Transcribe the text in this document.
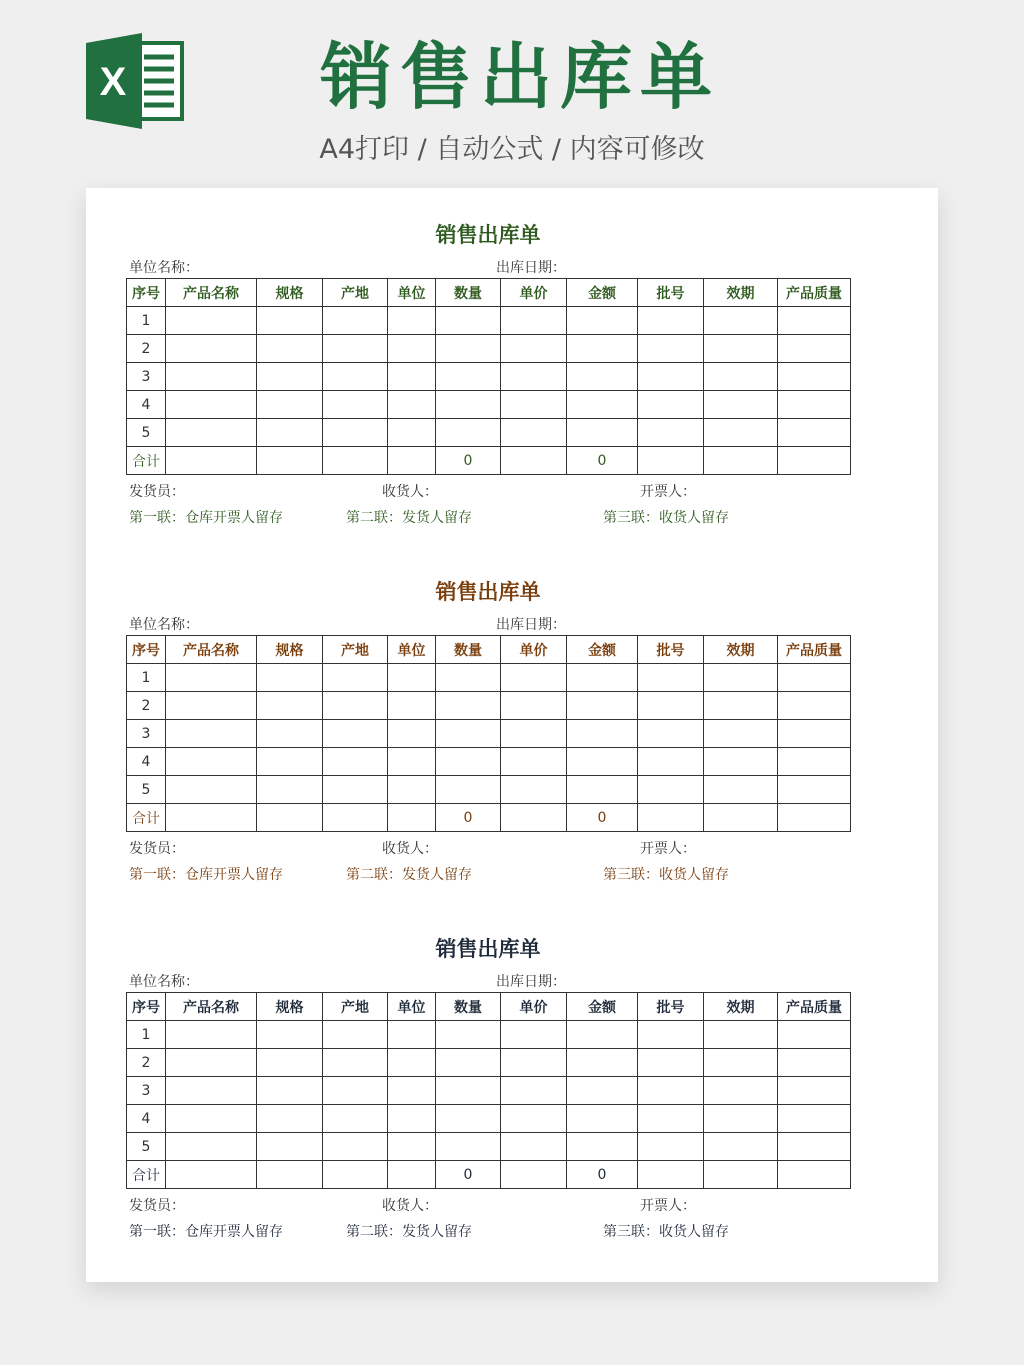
X	销售出库单
A4打印 / 自动公式 / 内容可修改
销售出库单
单位名称：	出库日期：
序号	产品名称	规格	产地	单位	数量	单价	金额	批号	效期	产品质量
1										
2										
3										
4										
5										
合计					0		0			
发货员：	收货人：	开票人：
第一联：仓库开票人留存	第二联：发货人留存	第三联：收货人留存
销售出库单
单位名称：	出库日期：
序号	产品名称	规格	产地	单位	数量	单价	金额	批号	效期	产品质量
1										
2										
3										
4										
5										
合计					0		0			
发货员：	收货人：	开票人：
第一联：仓库开票人留存	第二联：发货人留存	第三联：收货人留存
销售出库单
单位名称：	出库日期：
序号	产品名称	规格	产地	单位	数量	单价	金额	批号	效期	产品质量
1										
2										
3										
4										
5										
合计					0		0			
发货员：	收货人：	开票人：
第一联：仓库开票人留存	第二联：发货人留存	第三联：收货人留存
